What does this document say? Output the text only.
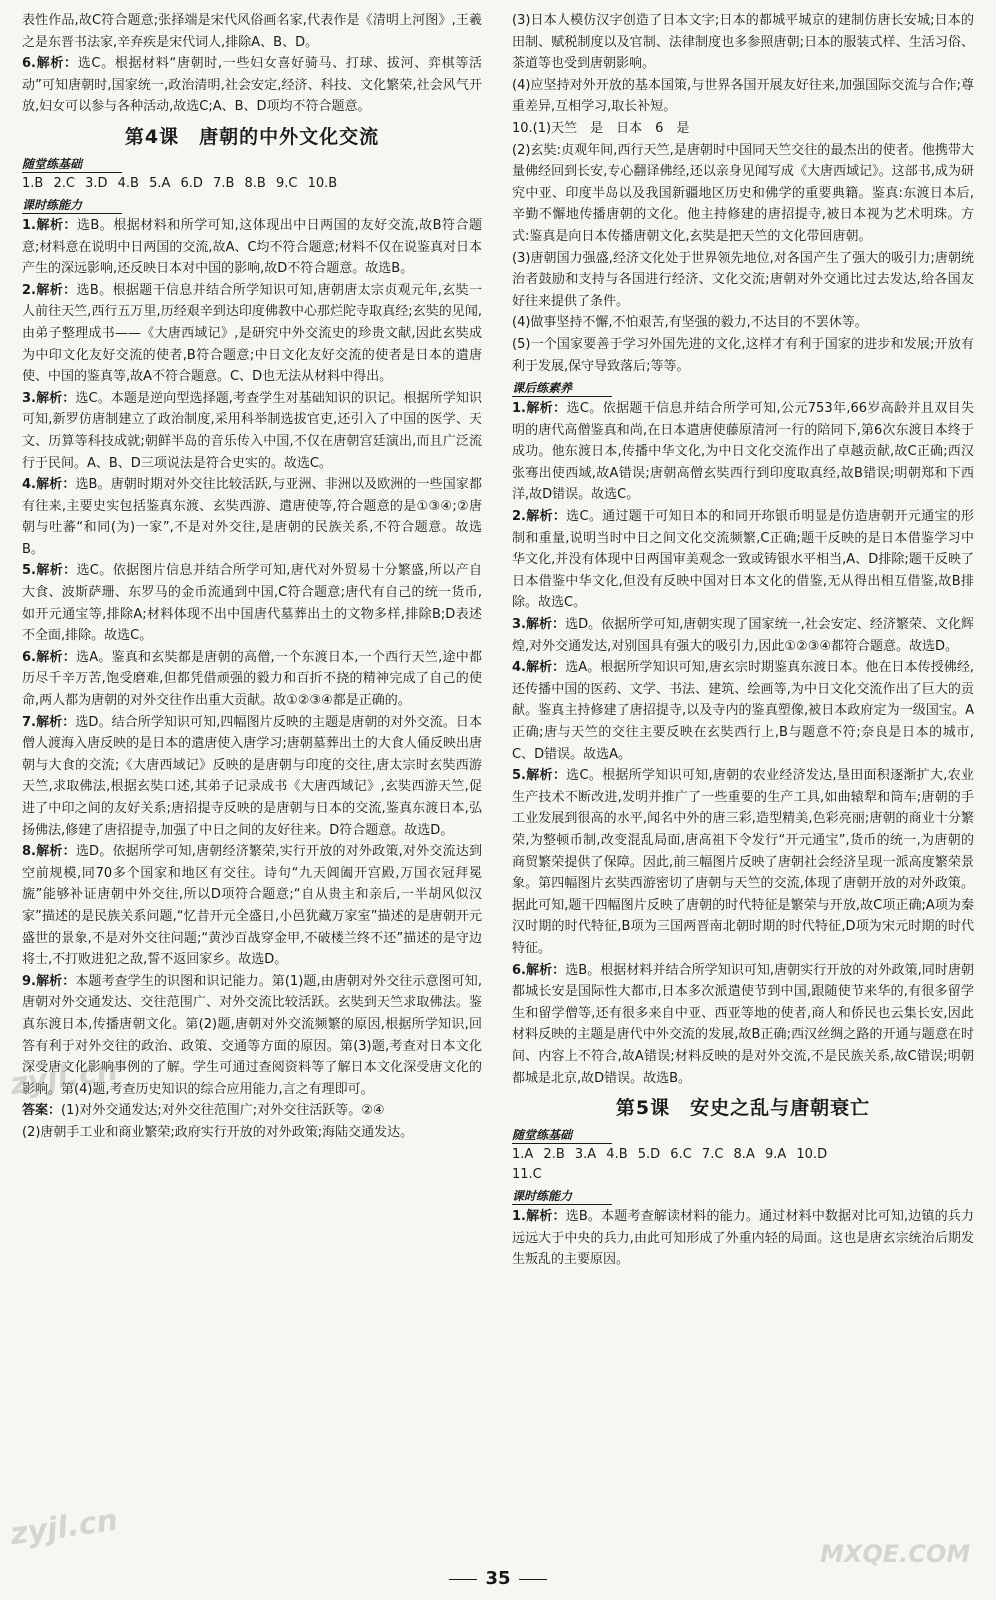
表性作品,故C符合题意;张择端是宋代风俗画名家,代表作是《清明上河图》,王羲之是东晋书法家,辛弃疾是宋代词人,排除A、B、D。

6.解析：选C。根据材料“唐朝时,一些妇女喜好骑马、打球、拔河、弈棋等活动”可知唐朝时,国家统一,政治清明,社会安定,经济、科技、文化繁荣,社会风气开放,妇女可以参与各种活动,故选C;A、B、D项均不符合题意。

第4课　唐朝的中外文化交流
随堂练基础

1.B 2.C 3.D 4.B 5.A 6.D 7.B 8.B 9.C 10.B

课时练能力

1.解析：选B。根据材料和所学可知,这体现出中日两国的友好交流,故B符合题意;材料意在说明中日两国的交流,故A、C均不符合题意;材料不仅在说鉴真对日本产生的深远影响,还反映日本对中国的影响,故D不符合题意。故选B。

2.解析：选B。根据题干信息并结合所学知识可知,唐朝唐太宗贞观元年,玄奘一人前往天竺,西行五万里,历经艰辛到达印度佛教中心那烂陀寺取真经;玄奘的见闻,由弟子整理成书——《大唐西域记》,是研究中外交流史的珍贵文献,因此玄奘成为中印文化友好交流的使者,B符合题意;中日文化友好交流的使者是日本的遣唐使、中国的鉴真等,故A不符合题意。C、D也无法从材料中得出。

3.解析：选C。本题是逆向型选择题,考查学生对基础知识的识记。根据所学知识可知,新罗仿唐制建立了政治制度,采用科举制选拔官吏,还引入了中国的医学、天文、历算等科技成就;朝鲜半岛的音乐传入中国,不仅在唐朝宫廷演出,而且广泛流行于民间。A、B、D三项说法是符合史实的。故选C。

4.解析：选B。唐朝时期对外交往比较活跃,与亚洲、非洲以及欧洲的一些国家都有往来,主要史实包括鉴真东渡、玄奘西游、遣唐使等,符合题意的是①③④;②唐朝与吐蕃“和同(为)一家”,不是对外交往,是唐朝的民族关系,不符合题意。故选B。

5.解析：选C。依据图片信息并结合所学可知,唐代对外贸易十分繁盛,所以产自大食、波斯萨珊、东罗马的金币流通到中国,C符合题意;唐代有自己的统一货币,如开元通宝等,排除A;材料体现不出中国唐代墓葬出土的文物多样,排除B;D表述不全面,排除。故选C。

6.解析：选A。鉴真和玄奘都是唐朝的高僧,一个东渡日本,一个西行天竺,途中都历尽千辛万苦,饱受磨难,但都凭借顽强的毅力和百折不挠的精神完成了自己的使命,两人都为唐朝的对外交往作出重大贡献。故①②③④都是正确的。

7.解析：选D。结合所学知识可知,四幅图片反映的主题是唐朝的对外交流。日本僧人渡海入唐反映的是日本的遣唐使入唐学习;唐朝墓葬出土的大食人俑反映出唐朝与大食的交流;《大唐西域记》反映的是唐朝与印度的交往,唐太宗时玄奘西游天竺,求取佛法,根据玄奘口述,其弟子记录成书《大唐西域记》,玄奘西游天竺,促进了中印之间的友好关系;唐招提寺反映的是唐朝与日本的交流,鉴真东渡日本,弘扬佛法,修建了唐招提寺,加强了中日之间的友好往来。D符合题意。故选D。

8.解析：选D。依据所学可知,唐朝经济繁荣,实行开放的对外政策,对外交流达到空前规模,同70多个国家和地区有交往。诗句“九天阊阖开宫殿,万国衣冠拜冕旒”能够补证唐朝中外交往,所以D项符合题意;“自从贵主和亲后,一半胡风似汉家”描述的是民族关系问题,“忆昔开元全盛日,小邑犹藏万家室”描述的是唐朝开元盛世的景象,不是对外交往问题;“黄沙百战穿金甲,不破楼兰终不还”描述的是守边将士,不打败进犯之敌,誓不返回家乡。故选D。

9.解析：本题考查学生的识图和识记能力。第(1)题,由唐朝对外交往示意图可知,唐朝对外交通发达、交往范围广、对外交流比较活跃。玄奘到天竺求取佛法。鉴真东渡日本,传播唐朝文化。第(2)题,唐朝对外交流频繁的原因,根据所学知识,回答有利于对外交往的政治、政策、交通等方面的原因。第(3)题,考查对日本文化深受唐文化影响事例的了解。学生可通过查阅资料等了解日本文化深受唐文化的影响。第(4)题,考查历史知识的综合应用能力,言之有理即可。

答案：(1)对外交通发达;对外交往范围广;对外交往活跃等。②④

(2)唐朝手工业和商业繁荣;政府实行开放的对外政策;海陆交通发达。

(3)日本人模仿汉字创造了日本文字;日本的都城平城京的建制仿唐长安城;日本的田制、赋税制度以及官制、法律制度也多参照唐朝;日本的服装式样、生活习俗、茶道等也受到唐朝影响。

(4)应坚持对外开放的基本国策,与世界各国开展友好往来,加强国际交流与合作;尊重差异,互相学习,取长补短。

10.(1)天竺　是　日本　6　是

(2)玄奘:贞观年间,西行天竺,是唐朝时中国同天竺交往的最杰出的使者。他携带大量佛经回到长安,专心翻译佛经,还以亲身见闻写成《大唐西域记》。这部书,成为研究中亚、印度半岛以及我国新疆地区历史和佛学的重要典籍。鉴真:东渡日本后,辛勤不懈地传播唐朝的文化。他主持修建的唐招提寺,被日本视为艺术明珠。方式:鉴真是向日本传播唐朝文化,玄奘是把天竺的文化带回唐朝。

(3)唐朝国力强盛,经济文化处于世界领先地位,对各国产生了强大的吸引力;唐朝统治者鼓励和支持与各国进行经济、文化交流;唐朝对外交通比过去发达,给各国友好往来提供了条件。

(4)做事坚持不懈,不怕艰苦,有坚强的毅力,不达目的不罢休等。

(5)一个国家要善于学习外国先进的文化,这样才有利于国家的进步和发展;开放有利于发展,保守导致落后;等等。

课后练素养

1.解析：选C。依据题干信息并结合所学可知,公元753年,66岁高龄并且双目失明的唐代高僧鉴真和尚,在日本遣唐使藤原清河一行的陪同下,第6次东渡日本终于成功。他东渡日本,传播中华文化,为中日文化交流作出了卓越贡献,故C正确;西汉张骞出使西域,故A错误;唐朝高僧玄奘西行到印度取真经,故B错误;明朝郑和下西洋,故D错误。故选C。

2.解析：选C。通过题干可知日本的和同开珎银币明显是仿造唐朝开元通宝的形制和重量,说明当时中日之间文化交流频繁,C正确;题干反映的是日本借鉴学习中华文化,并没有体现中日两国审美观念一致或铸银水平相当,A、D排除;题干反映了日本借鉴中华文化,但没有反映中国对日本文化的借鉴,无从得出相互借鉴,故B排除。故选C。

3.解析：选D。依据所学可知,唐朝实现了国家统一,社会安定、经济繁荣、文化辉煌,对外交通发达,对别国具有强大的吸引力,因此①②③④都符合题意。故选D。

4.解析：选A。根据所学知识可知,唐玄宗时期鉴真东渡日本。他在日本传授佛经,还传播中国的医药、文学、书法、建筑、绘画等,为中日文化交流作出了巨大的贡献。鉴真主持修建了唐招提寺,以及寺内的鉴真塑像,被日本政府定为一级国宝。A正确;唐与天竺的交往主要反映在玄奘西行上,B与题意不符;奈良是日本的城市,C、D错误。故选A。

5.解析：选C。根据所学知识可知,唐朝的农业经济发达,垦田面积逐渐扩大,农业生产技术不断改进,发明并推广了一些重要的生产工具,如曲辕犁和筒车;唐朝的手工业发展到很高的水平,闻名中外的唐三彩,造型精美,色彩亮丽;唐朝的商业十分繁荣,为整顿币制,改变混乱局面,唐高祖下令发行“开元通宝”,货币的统一,为唐朝的商贸繁荣提供了保障。因此,前三幅图片反映了唐朝社会经济呈现一派高度繁荣景象。第四幅图片玄奘西游密切了唐朝与天竺的交流,体现了唐朝开放的对外政策。据此可知,题干四幅图片反映了唐朝的时代特征是繁荣与开放,故C项正确;A项为秦汉时期的时代特征,B项为三国两晋南北朝时期的时代特征,D项为宋元时期的时代特征。

6.解析：选B。根据材料并结合所学知识可知,唐朝实行开放的对外政策,同时唐朝都城长安是国际性大都市,日本多次派遣使节到中国,跟随使节来华的,有很多留学生和留学僧等,还有很多来自中亚、西亚等地的使者,商人和侨民也云集长安,因此材料反映的主题是唐代中外交流的发展,故B正确;西汉丝绸之路的开通与题意在时间、内容上不符合,故A错误;材料反映的是对外交流,不是民族关系,故C错误;明朝都城是北京,故D错误。故选B。

第5课　安史之乱与唐朝衰亡
随堂练基础

1.A 2.B 3.A 4.B 5.D 6.C 7.C 8.A 9.A 10.D

11.C

课时练能力

1.解析：选B。本题考查解读材料的能力。通过材料中数据对比可知,边镇的兵力远远大于中央的兵力,由此可知形成了外重内轻的局面。这也是唐玄宗统治后期发生叛乱的主要原因。

zyjl.cn
zyjl.cn
MXQE.COM
35
